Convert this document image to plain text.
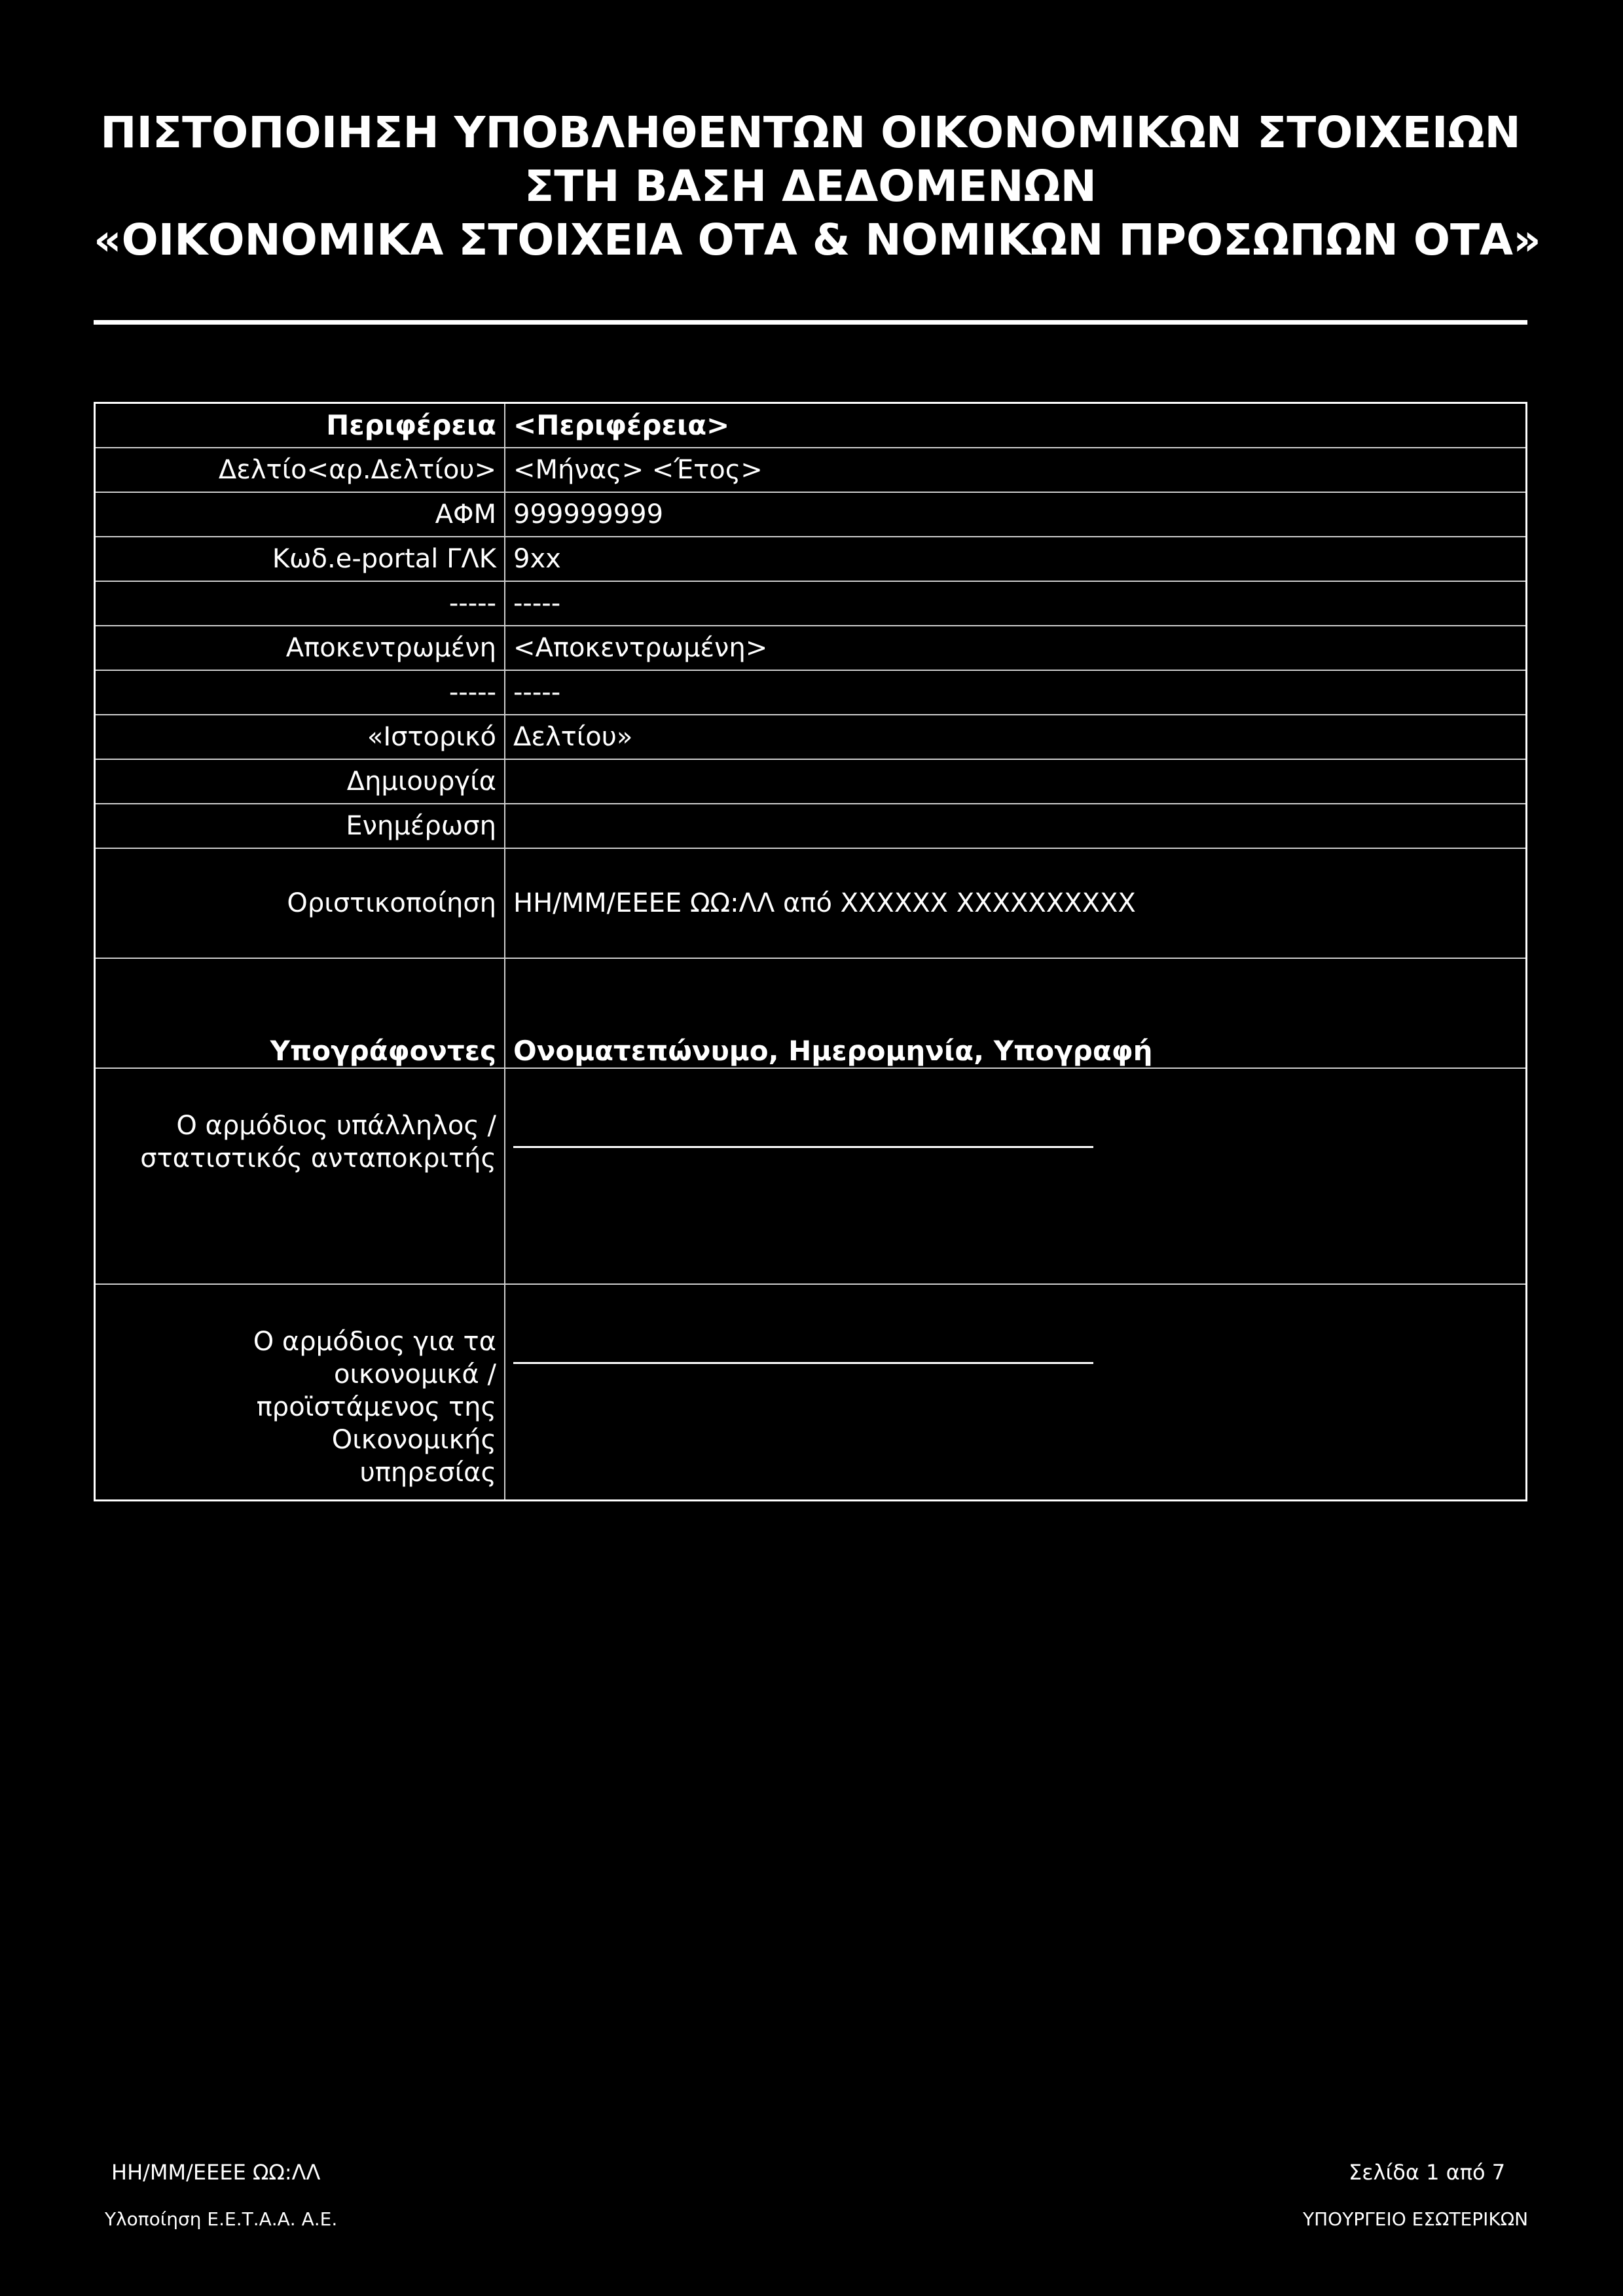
ΠΙΣΤΟΠΟΙΗΣΗ ΥΠΟΒΛΗΘΕΝΤΩΝ ΟΙΚΟΝΟΜΙΚΩΝ ΣΤΟΙΧΕΙΩΝ
ΣΤΗ ΒΑΣΗ ΔΕΔΟΜΕΝΩΝ
«ΟΙΚΟΝΟΜΙΚΑ ΣΤΟΙΧΕΙΑ ΟΤΑ & ΝΟΜΙΚΩΝ ΠΡΟΣΩΠΩΝ ΟΤΑ»
Περιφέρεια	<Περιφέρεια>
Δελτίο<αρ.Δελτίου>	<Μήνας> <Έτος>
ΑΦΜ	999999999
Κωδ.e-portal ΓΛΚ	9xx
-----	-----
Αποκεντρωμένη	<Αποκεντρωμένη>
-----	-----
«Ιστορικό	Δελτίου»
Δημιουργία	
Ενημέρωση	
Οριστικοποίηση	ΗΗ/ΜΜ/ΕΕΕΕ ΩΩ:ΛΛ από XXXXXX XXXXXXXXXX
Υπογράφοντες	Ονοματεπώνυμο, Ημερομηνία, Υπογραφή

Ο αρμόδιος υπάλληλος /
στατιστικός ανταποκριτής	

Ο αρμόδιος για τα οικονομικά /
προϊστάμενος της Οικονομικής
υπηρεσίας	

ΗΗ/ΜΜ/ΕΕΕΕ ΩΩ:ΛΛ	Σελίδα 1 από 7
Υλοποίηση Ε.Ε.Τ.Α.Α. Α.Ε.	ΥΠΟΥΡΓΕΙΟ ΕΣΩΤΕΡΙΚΩΝ
